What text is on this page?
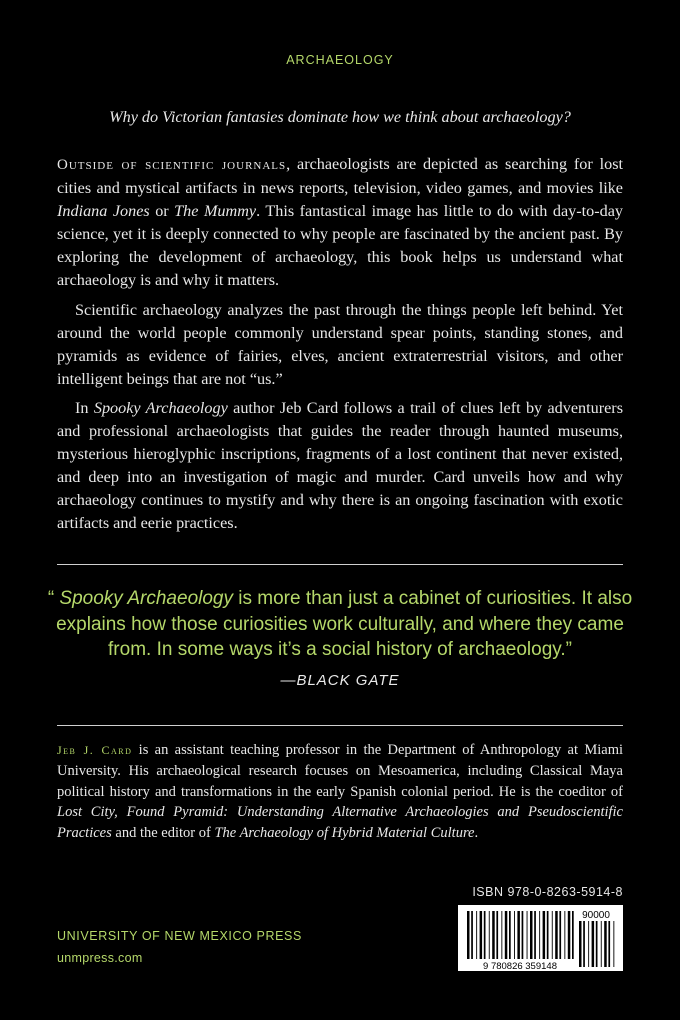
ARCHAEOLOGY
Why do Victorian fantasies dominate how we think about archaeology?

Outside of scientific journals, archaeologists are depicted as searching for lost cities and mystical artifacts in news reports, television, video games, and movies like Indiana Jones or The Mummy. This fantastical image has little to do with day-to-day science, yet it is deeply connected to why people are fascinated by the ancient past. By exploring the development of archaeology, this book helps us understand what archaeology is and why it matters.

Scientific archaeology analyzes the past through the things people left behind. Yet around the world people commonly understand spear points, standing stones, and pyramids as evidence of fairies, elves, ancient extraterrestrial visitors, and other intelligent beings that are not “us.”

In Spooky Archaeology author Jeb Card follows a trail of clues left by adventurers and professional archaeologists that guides the reader through haunted museums, mysterious hieroglyphic inscriptions, fragments of a lost continent that never existed, and deep into an investigation of magic and murder. Card unveils how and why archaeology continues to mystify and why there is an ongoing fascination with exotic artifacts and eerie practices.

“ Spooky Archaeology is more than just a cabinet of curiosities. It also explains how those curiosities work culturally, and where they came from. In some ways it’s a social history of archaeology.”
—BLACK GATE
Jeb J. Card is an assistant teaching professor in the Department of Anthropology at Miami University. His archaeological research focuses on Mesoamerica, including Classical Maya political history and transformations in the early Spanish colonial period. He is the coeditor of Lost City, Found Pyramid: Understanding Alternative Archaeologies and Pseudoscientific Practices and the editor of The Archaeology of Hybrid Material Culture.
ISBN 978-0-8263-5914-8
9 780826 359148
90000
UNIVERSITY OF NEW MEXICO PRESS
unmpress.com
